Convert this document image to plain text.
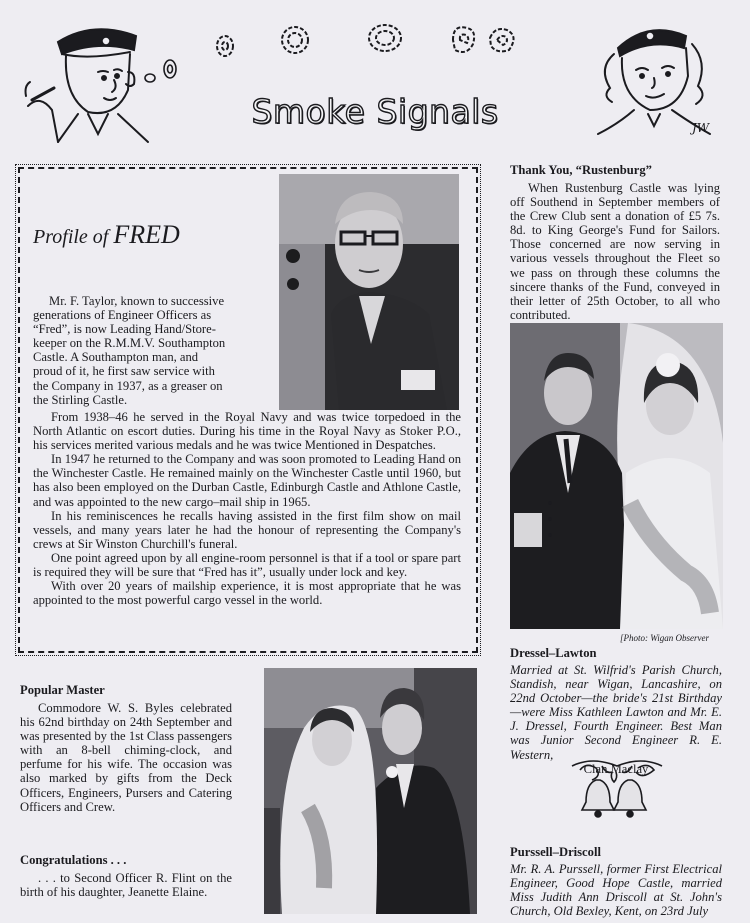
JW
Smoke Signals
Profile of FRED
Mr. F. Taylor, known to successive
generations of Engineer Officers as
“Fred”, is now Leading Hand/Store-
keeper on the R.M.M.V. Southampton
Castle. A Southampton man, and
proud of it, he first saw service with
the Company in 1937, as a greaser on
the Stirling Castle.

From 1938–46 he served in the Royal Navy and was twice torpedoed in the North Atlantic on escort duties. During his time in the Royal Navy as Stoker P.O., his services merited various medals and he was twice Mentioned in Despatches.

In 1947 he returned to the Company and was soon promoted to Leading Hand on the Winchester Castle. He remained mainly on the Winchester Castle until 1960, but has also been employed on the Durban Castle, Edinburgh Castle and Athlone Castle, and was appointed to the new cargo–mail ship in 1965.

In his reminiscences he recalls having assisted in the first film show on mail vessels, and many years later he had the honour of representing the Company's crews at Sir Winston Churchill's funeral.

One point agreed upon by all engine-room personnel is that if a tool or spare part is required they will be sure that “Fred has it”, usually under lock and key.

With over 20 years of mailship experience, it is most appropriate that he was appointed to the most powerful cargo vessel in the world.

Thank You, “Rustenburg”

When Rustenburg Castle was lying off Southend in September members of the Crew Club sent a donation of £5 7s. 8d. to King George's Fund for Sailors. Those concerned are now serving in various vessels throughout the Fleet so we pass on through these columns the sincere thanks of the Fund, conveyed in their letter of 25th October, to all who contributed.

[Photo: Wigan Observer
Dressel–Lawton

Married at St. Wilfrid's Parish Church, Standish, near Wigan, Lancashire, on 22nd October—the bride's 21st Birthday—were Miss Kathleen Lawton and Mr. E. J. Dressel, Fourth Engineer. Best Man was Junior Second Engineer R. E. Western,

Clan Maclay
Purssell–Driscoll

Mr. R. A. Purssell, former First Electrical Engineer, Good Hope Castle, married Miss Judith Ann Driscoll at St. John's Church, Old Bexley, Kent, on 23rd July

Popular Master

Commodore W. S. Byles celebrated his 62nd birthday on 24th September and was presented by the 1st Class passengers with an 8-bell chiming-clock, and perfume for his wife. The occasion was also marked by gifts from the Deck Officers, Engineers, Pursers and Catering Officers and Crew.

Congratulations . . .

. . . to Second Officer R. Flint on the birth of his daughter, Jeanette Elaine.
